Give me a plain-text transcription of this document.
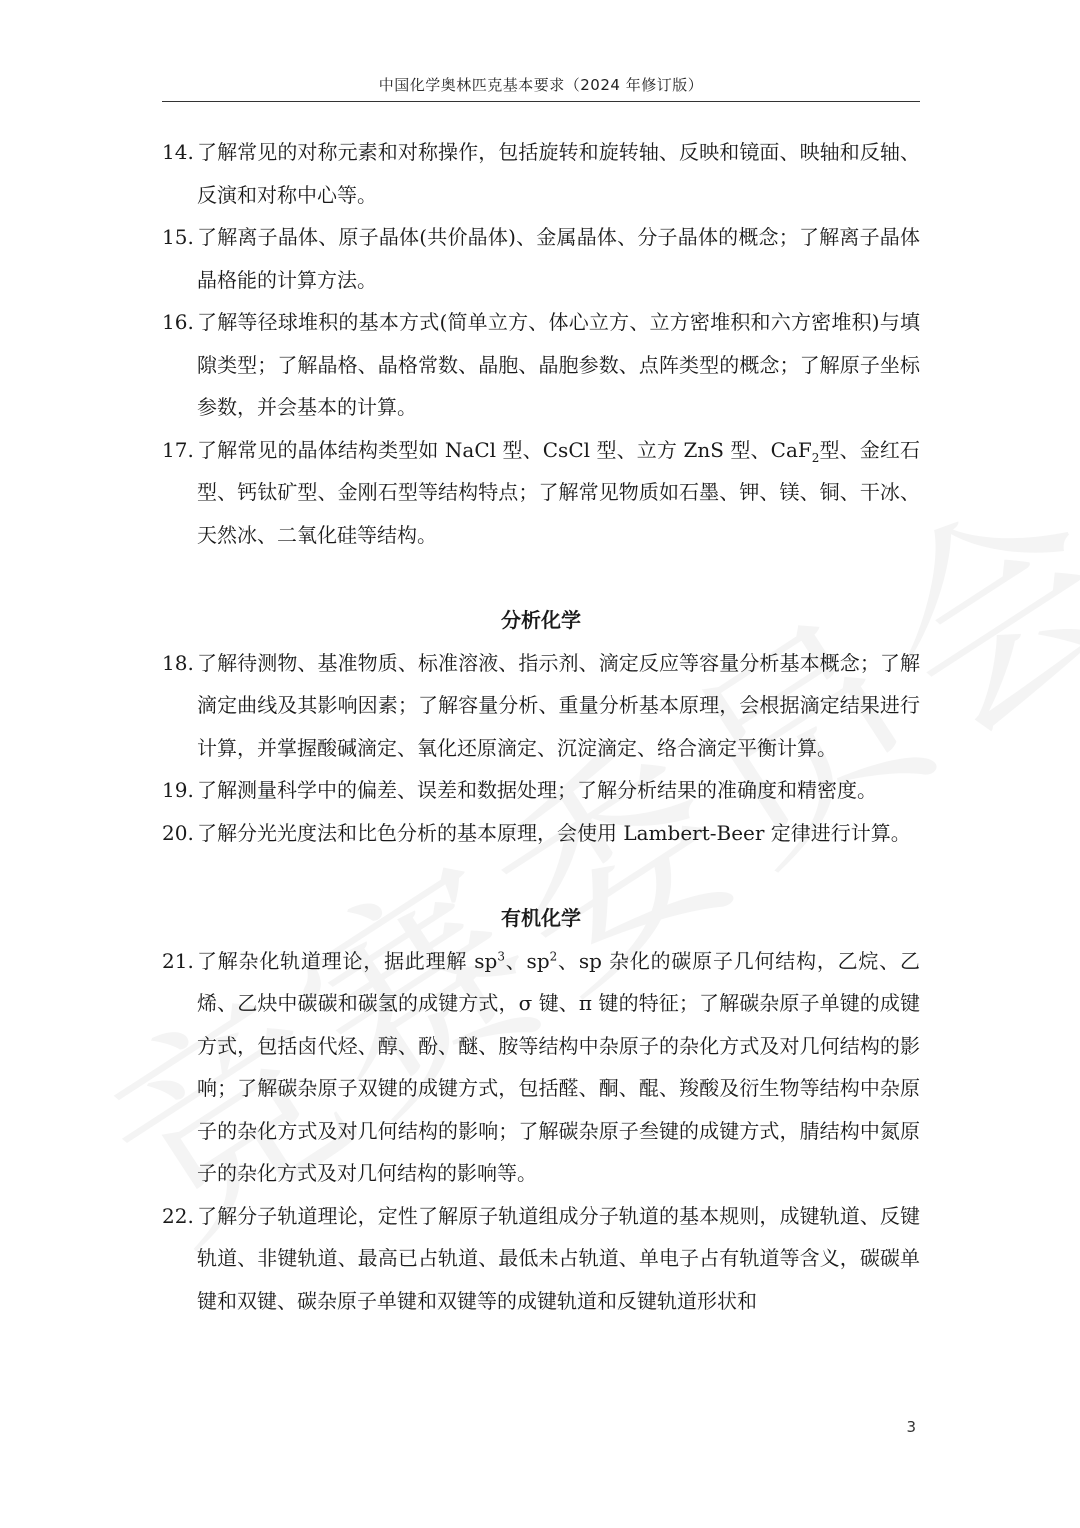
中国化学奥林匹克基本要求（2024 年修订版）
14. 了解常见的对称元素和对称操作，包括旋转和旋转轴、反映和镜面、映轴和反轴、反演和对称中心等。
15. 了解离子晶体、原子晶体(共价晶体)、金属晶体、分子晶体的概念；了解离子晶体晶格能的计算方法。
16. 了解等径球堆积的基本方式(简单立方、体心立方、立方密堆积和六方密堆积)与填隙类型；了解晶格、晶格常数、晶胞、晶胞参数、点阵类型的概念；了解原子坐标参数，并会基本的计算。
17. 了解常见的晶体结构类型如 NaCl 型、CsCl 型、立方 ZnS 型、CaF$_2$型、金红石型、钙钛矿型、金刚石型等结构特点；了解常见物质如石墨、钾、镁、铜、干冰、天然冰、二氧化硅等结构。
分析化学
18. 了解待测物、基准物质、标准溶液、指示剂、滴定反应等容量分析基本概念；了解滴定曲线及其影响因素；了解容量分析、重量分析基本原理，会根据滴定结果进行计算，并掌握酸碱滴定、氧化还原滴定、沉淀滴定、络合滴定平衡计算。
19. 了解测量科学中的偏差、误差和数据处理；了解分析结果的准确度和精密度。
20. 了解分光光度法和比色分析的基本原理，会使用 Lambert-Beer 定律进行计算。
有机化学
21. 了解杂化轨道理论，据此理解 $sp^3$、$sp^2$、sp 杂化的碳原子几何结构，乙烷、乙烯、乙炔中碳碳和碳氢的成键方式，σ 键、π 键的特征；了解碳杂原子单键的成键方式，包括卤代烃、醇、酚、醚、胺等结构中杂原子的杂化方式及对几何结构的影响；了解碳杂原子双键的成键方式，包括醛、酮、醌、羧酸及衍生物等结构中杂原子的杂化方式及对几何结构的影响；了解碳杂原子叁键的成键方式，腈结构中氮原子的杂化方式及对几何结构的影响等。
22. 了解分子轨道理论，定性了解原子轨道组成分子轨道的基本规则，成键轨道、反键轨道、非键轨道、最高已占轨道、最低未占轨道、单电子占有轨道等含义，碳碳单键和双键、碳杂原子单键和双键等的成键轨道和反键轨道形状和
3
